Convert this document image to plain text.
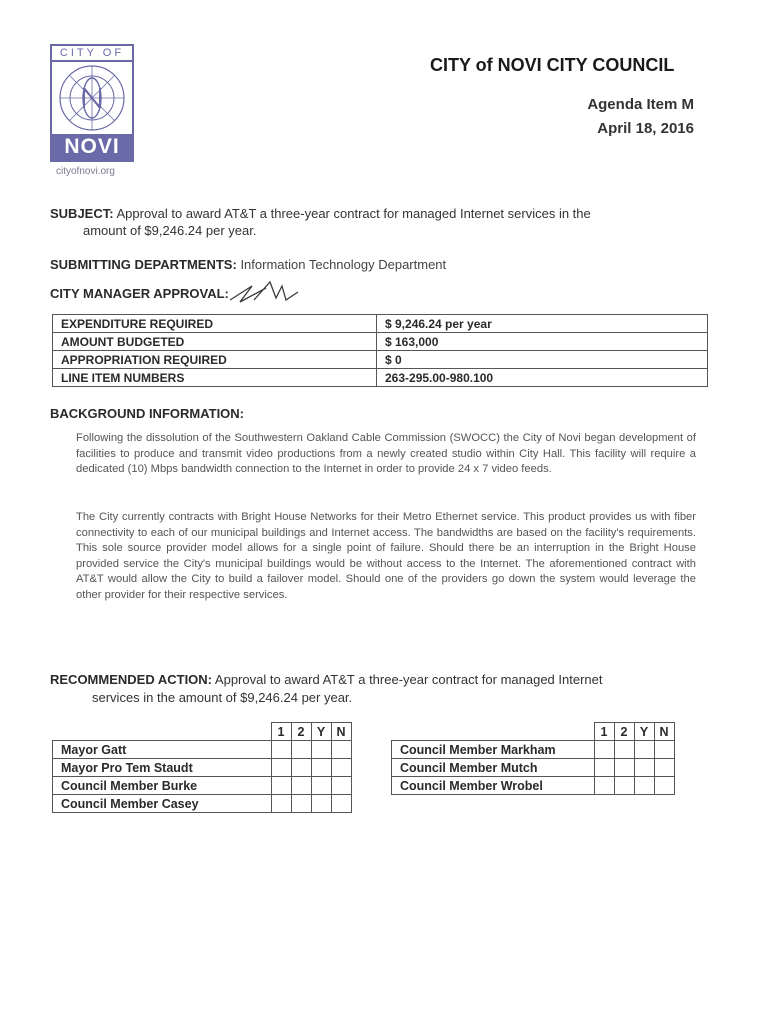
CITY OF
NOVI
cityofnovi.org
CITY of NOVI CITY COUNCIL
Agenda Item M
April 18, 2016
SUBJECT: Approval to award AT&T a three-year contract for managed Internet services in the
amount of $9,246.24 per year.
SUBMITTING DEPARTMENTS: Information Technology Department
CITY MANAGER APPROVAL:
EXPENDITURE REQUIRED	$ 9,246.24 per year
AMOUNT BUDGETED	$ 163,000
APPROPRIATION REQUIRED	$ 0
LINE ITEM NUMBERS	263-295.00-980.100
BACKGROUND INFORMATION:
Following the dissolution of the Southwestern Oakland Cable Commission (SWOCC) the City of Novi began development of facilities to produce and transmit video productions from a newly created studio within City Hall. This facility will require a dedicated (10) Mbps bandwidth connection to the Internet in order to provide 24 x 7 video feeds.
The City currently contracts with Bright House Networks for their Metro Ethernet service. This product provides us with fiber connectivity to each of our municipal buildings and Internet access. The bandwidths are based on the facility's requirements. This sole source provider model allows for a single point of failure. Should there be an interruption in the Bright House provided service the City's municipal buildings would be without access to the Internet. The aforementioned contract with AT&T would allow the City to build a failover model. Should one of the providers go down the system would leverage the other provider for their respective services.
RECOMMENDED ACTION: Approval to award AT&T a three-year contract for managed Internet
services in the amount of $9,246.24 per year.
	1	2	Y	N
Mayor Gatt				
Mayor Pro Tem Staudt				
Council Member Burke				
Council Member Casey				
	1	2	Y	N
Council Member Markham				
Council Member Mutch				
Council Member Wrobel				
